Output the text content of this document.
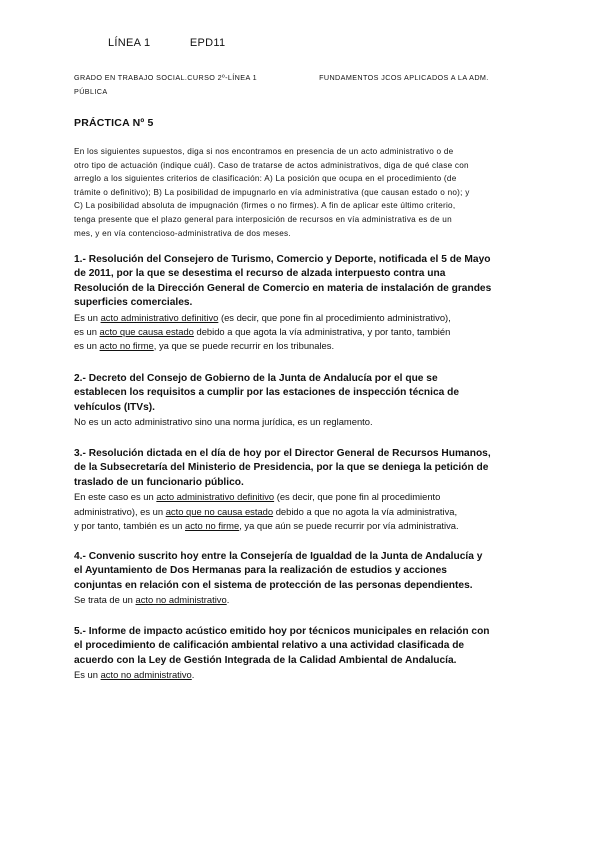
LÍNEA 1	EPD11
GRADO EN TRABAJO SOCIAL.CURSO 2º-LÍNEA 1	FUNDAMENTOS JCOS APLICADOS A LA ADM.
PÚBLICA
PRÁCTICA Nº 5
En los siguientes supuestos, diga si nos encontramos en presencia de un acto administrativo o de
otro tipo de actuación (indique cuál). Caso de tratarse de actos administrativos, diga de qué clase con
arreglo a los siguientes criterios de clasificación: A) La posición que ocupa en el procedimiento (de
trámite o definitivo); B) La posibilidad de impugnarlo en vía administrativa (que causan estado o no); y
C) La posibilidad absoluta de impugnación (firmes o no firmes). A fin de aplicar este último criterio,
tenga presente que el plazo general para interposición de recursos en vía administrativa es de un
mes, y en vía contencioso-administrativa de dos meses.
1.- Resolución del Consejero de Turismo, Comercio y Deporte, notificada el 5 de Mayo
de 2011, por la que se desestima el recurso de alzada interpuesto contra una
Resolución de la Dirección General de Comercio en materia de instalación de grandes
superficies comerciales.
Es un acto administrativo definitivo (es decir, que pone fin al procedimiento administrativo),
es un acto que causa estado debido a que agota la vía administrativa, y por tanto, también
es un acto no firme, ya que se puede recurrir en los tribunales.
2.- Decreto del Consejo de Gobierno de la Junta de Andalucía por el que se
establecen los requisitos a cumplir por las estaciones de inspección técnica de
vehículos (ITVs).
No es un acto administrativo sino una norma jurídica, es un reglamento.
3.- Resolución dictada en el día de hoy por el Director General de Recursos Humanos,
de la Subsecretaría del Ministerio de Presidencia, por la que se deniega la petición de
traslado de un funcionario público.
En este caso es un acto administrativo definitivo (es decir, que pone fin al procedimiento
administrativo), es un acto que no causa estado debido a que no agota la vía administrativa,
y por tanto, también es un acto no firme, ya que aún se puede recurrir por vía administrativa.
4.- Convenio suscrito hoy entre la Consejería de Igualdad de la Junta de Andalucía y
el Ayuntamiento de Dos Hermanas para la realización de estudios y acciones
conjuntas en relación con el sistema de protección de las personas dependientes.
Se trata de un acto no administrativo.
5.- Informe de impacto acústico emitido hoy por técnicos municipales en relación con
el procedimiento de calificación ambiental relativo a una actividad clasificada de
acuerdo con la Ley de Gestión Integrada de la Calidad Ambiental de Andalucía.
Es un acto no administrativo.
